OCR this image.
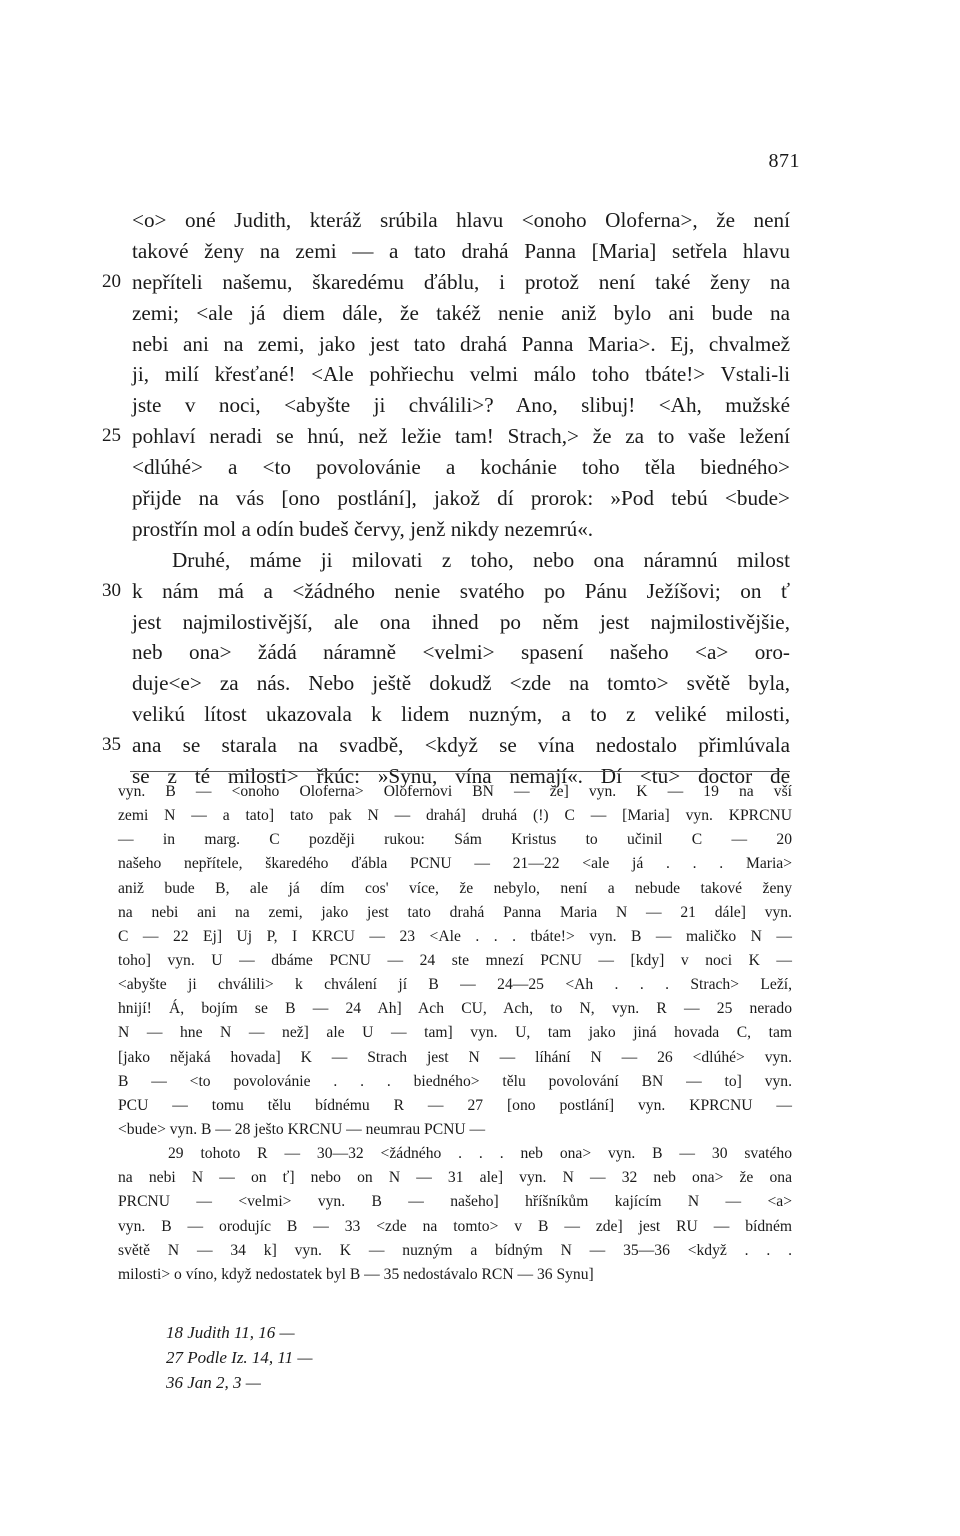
871
<o> oné Judith, kteráž srúbila hlavu <onoho Oloferna>, že není
takové ženy na zemi — a tato drahá Panna [Maria] setřela hlavu
20 nepříteli našemu, škaredému ďáblu, i protož není také ženy na
zemi; <ale já diem dále, že takéž nenie aniž bylo ani bude na
nebi ani na zemi, jako jest tato drahá Panna Maria>. Ej, chvalmež
ji, milí křesťané! <Ale pohřiechu velmi málo toho tbáte!> Vstali-li
jste v noci, <abyšte ji chválili>? Ano, slibuj! <Ah, mužské
25 pohlaví neradi se hnú, než ležie tam! Strach,> že za to vaše ležení
<dlúhé> a <to povolovánie a kochánie toho těla biedného>
přijde na vás [ono postlání], jakož dí prorok: »Pod tebú <bude>
prostřín mol a odín budeš červy, jenž nikdy nezemrú«.
Druhé, máme ji milovati z toho, nebo ona náramnú milost
30 k nám má a <žádného nenie svatého po Pánu Ježíšovi; on ť
jest najmilostivější, ale ona ihned po něm jest najmilostivějšie,
neb ona> žádá náramně <velmi> spasení našeho <a> oro-
duje<e> za nás. Nebo ještě dokudž <zde na tomto> světě byla,
velikú lítost ukazovala k lidem nuzným, a to z veliké milosti,
35 ana se starala na svadbě, <když se vína nedostalo přimlúvala
se z té milosti> řkúc: »Synu, vína nemají«. Dí <tu> doctor de
vyn. B — <onoho Oloferna> Olofernovi BN — že] vyn. K — 19 na vší
zemi N — a tato] tato pak N — drahá] druhá (!) C — [Maria] vyn. KPRCNU
— in marg. C později rukou: Sám Kristus to učinil C — 20
našeho nepřítele, škaredého ďábla PCNU — 21—22 <ale já . . . Maria>
aniž bude B, ale já dím cos' více, že nebylo, není a nebude takové ženy
na nebi ani na zemi, jako jest tato drahá Panna Maria N — 21 dále] vyn.
C — 22 Ej] Uj P, I KRCU — 23 <Ale . . . tbáte!> vyn. B — maličko N —
toho] vyn. U — dbáme PCNU — 24 ste mnezí PCNU — [kdy] v noci K —
<abyšte ji chválili> k chválení jí B — 24—25 <Ah . . . Strach> Leží,
hnijí! Á, bojím se B — 24 Ah] Ach CU, Ach, to N, vyn. R — 25 nerado
N — hne N — než] ale U — tam] vyn. U, tam jako jiná hovada C, tam
[jako nějaká hovada] K — Strach jest N — líhání N — 26 <dlúhé> vyn.
B — <to povolovánie . . . biedného> tělu povolování BN — to] vyn.
PCU — tomu tělu bídnému R — 27 [ono postlání] vyn. KPRCNU —
<bude> vyn. B — 28 ješto KRCNU — neumrau PCNU —
29 tohoto R — 30—32 <žádného . . . neb ona> vyn. B — 30 svatého
na nebi N — on ť] nebo on N — 31 ale] vyn. N — 32 neb ona> že ona
PRCNU — <velmi> vyn. B — našeho] hříšníkům kajícím N — <a>
vyn. B — orodujíc B — 33 <zde na tomto> v B — zde] jest RU — bídném
světě N — 34 k] vyn. K — nuzným a bídným N — 35—36 <když . . .
milosti> o víno, když nedostatek byl B — 35 nedostávalo RCN — 36 Synu]
18 Judith 11, 16 —
27 Podle Iz. 14, 11 —
36 Jan 2, 3 —
